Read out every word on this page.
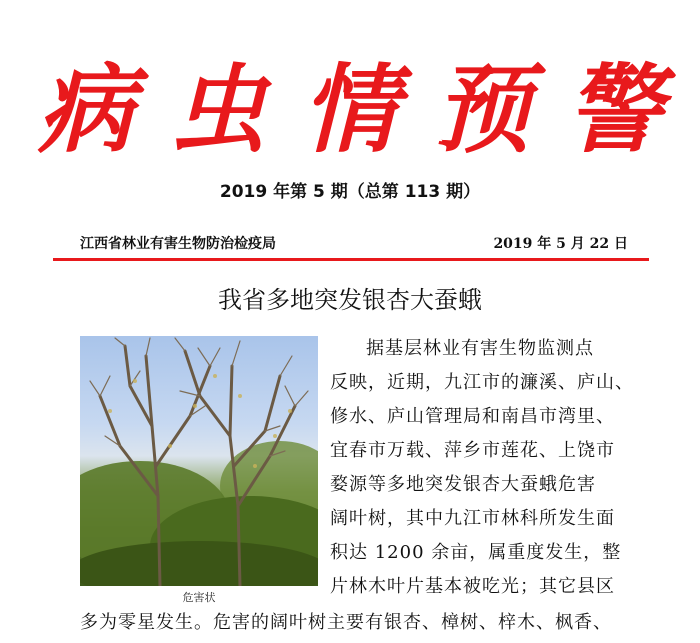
病虫情预警
2019 年第 5 期（总第 113 期）
江西省林业有害生物防治检疫局	2019 年 5 月 22 日
我省多地突发银杏大蚕蛾
危害状
据基层林业有害生物监测点
反映，近期，九江市的濂溪、庐山、
修水、庐山管理局和南昌市湾里、
宜春市万载、萍乡市莲花、上饶市
婺源等多地突发银杏大蚕蛾危害
阔叶树，其中九江市林科所发生面
积达 1200 余亩，属重度发生，整
片林木叶片基本被吃光；其它县区
多为零星发生。危害的阔叶树主要有银杏、樟树、梓木、枫香、
